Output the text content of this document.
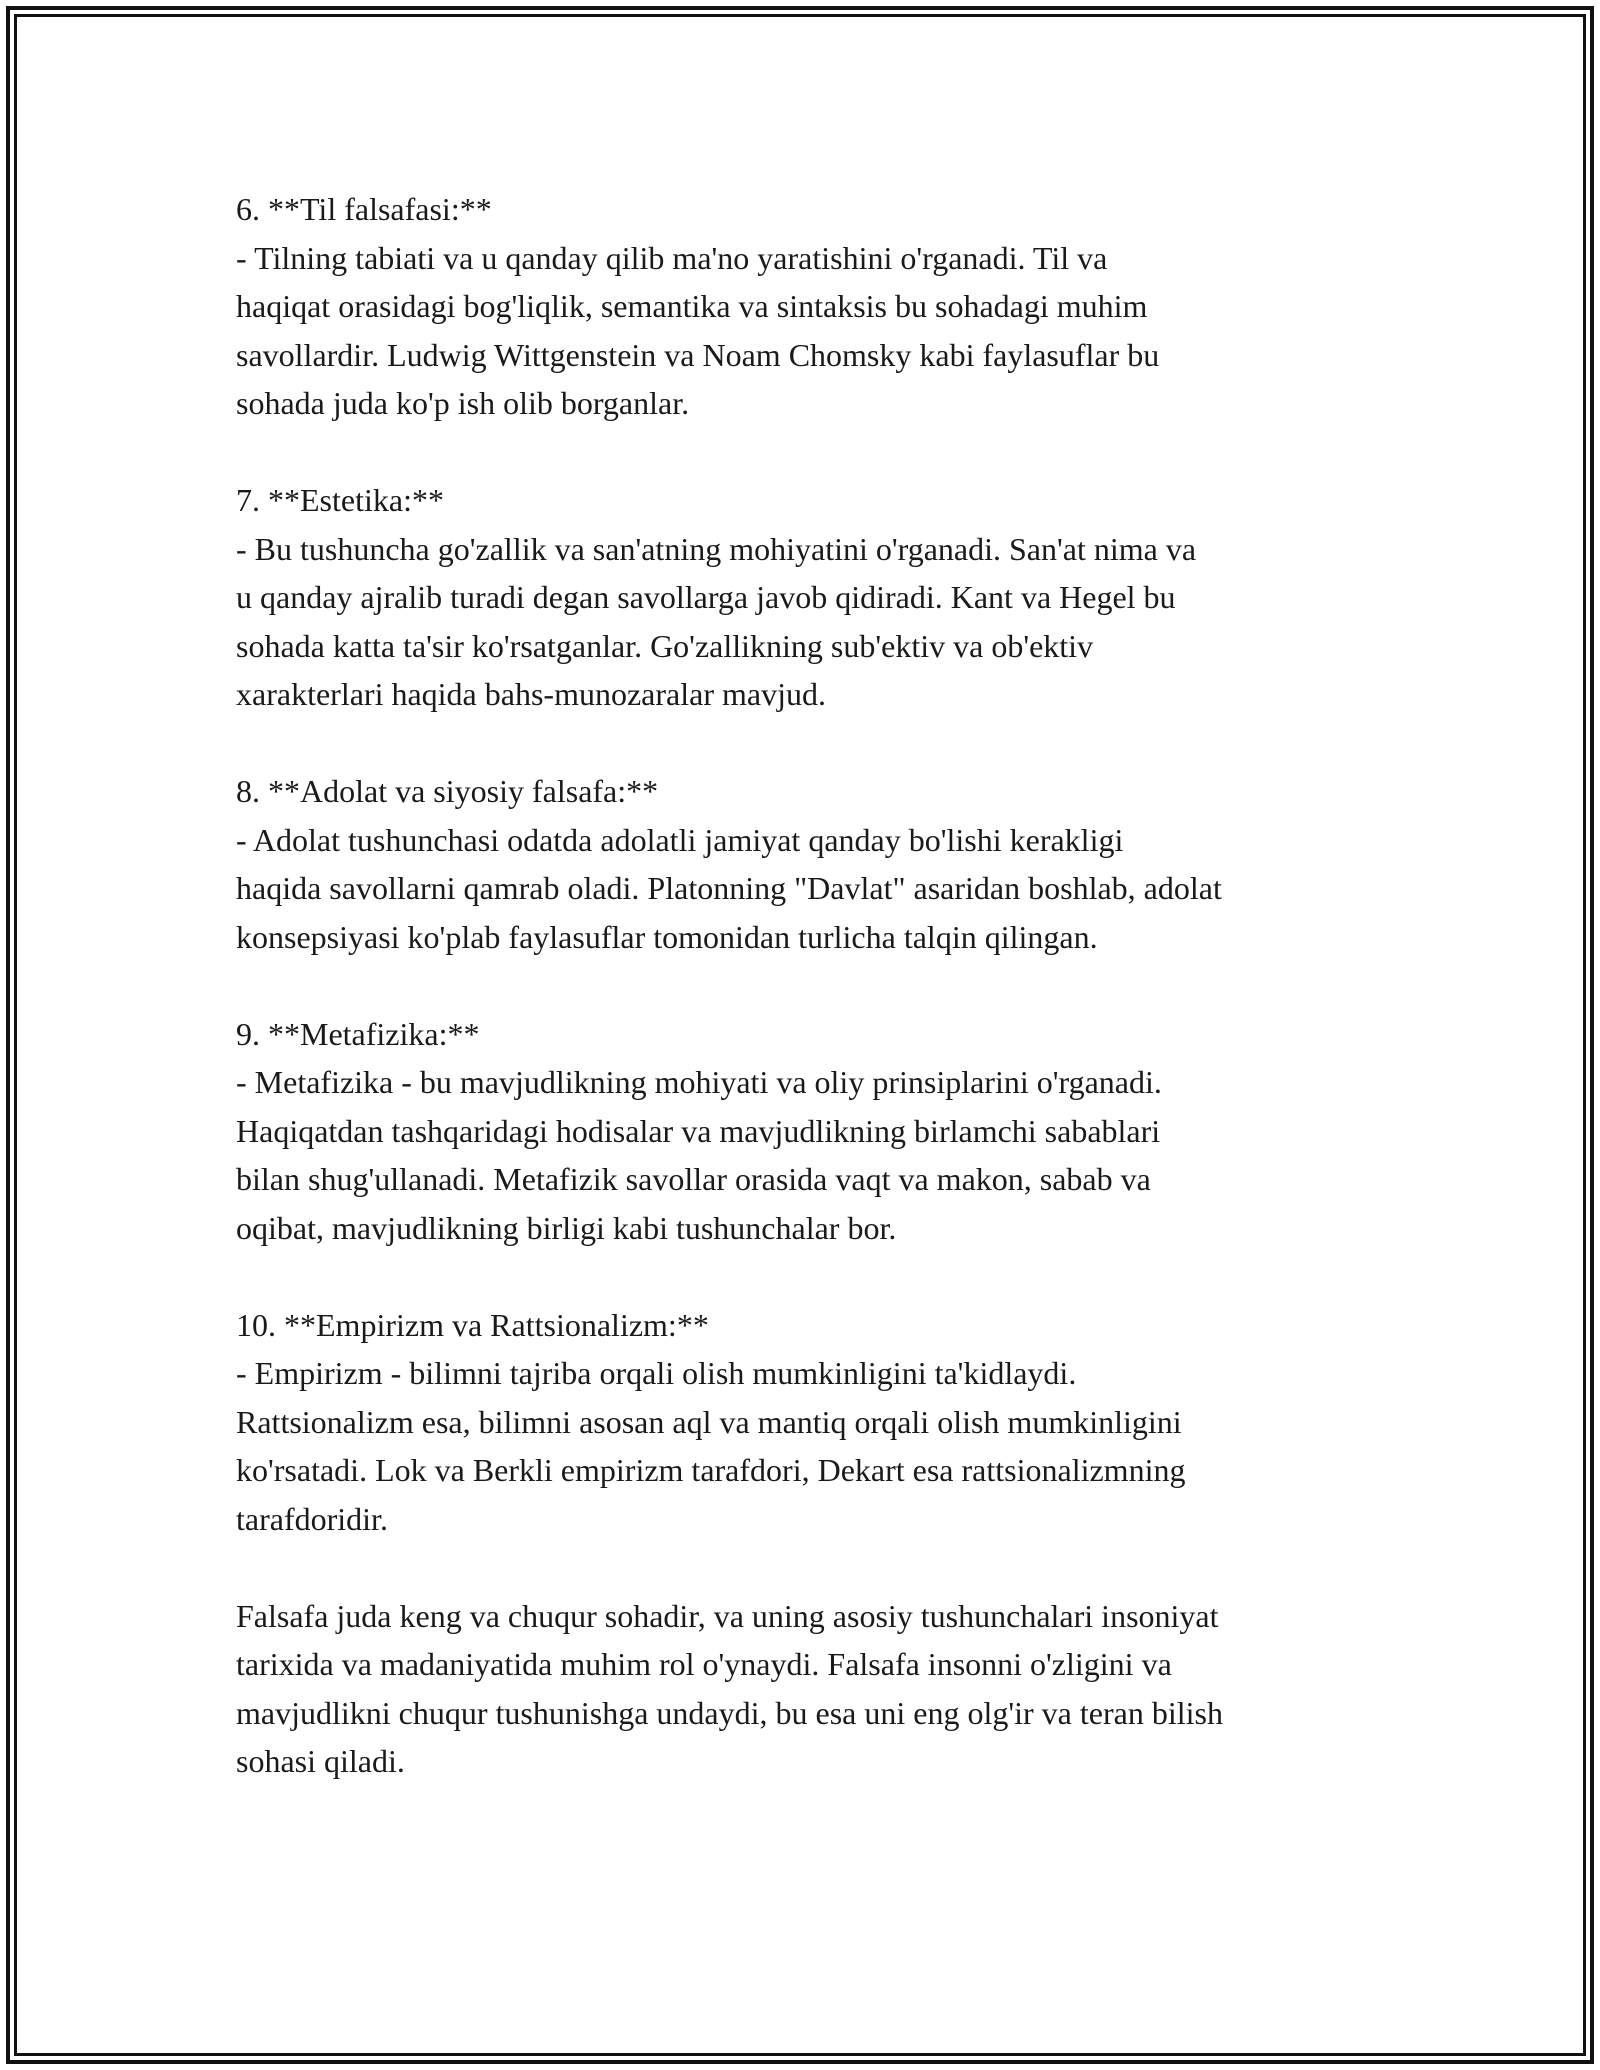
6. **Til falsafasi:**
- Tilning tabiati va u qanday qilib ma'no yaratishini o'rganadi. Til va
haqiqat orasidagi bog'liqlik, semantika va sintaksis bu sohadagi muhim
savollardir. Ludwig Wittgenstein va Noam Chomsky kabi faylasuflar bu
sohada juda ko'p ish olib borganlar.
7. **Estetika:**
- Bu tushuncha go'zallik va san'atning mohiyatini o'rganadi. San'at nima va
u qanday ajralib turadi degan savollarga javob qidiradi. Kant va Hegel bu
sohada katta ta'sir ko'rsatganlar. Go'zallikning sub'ektiv va ob'ektiv
xarakterlari haqida bahs-munozaralar mavjud.
8. **Adolat va siyosiy falsafa:**
- Adolat tushunchasi odatda adolatli jamiyat qanday bo'lishi kerakligi
haqida savollarni qamrab oladi. Platonning "Davlat" asaridan boshlab, adolat
konsepsiyasi ko'plab faylasuflar tomonidan turlicha talqin qilingan.
9. **Metafizika:**
- Metafizika - bu mavjudlikning mohiyati va oliy prinsiplarini o'rganadi.
Haqiqatdan tashqaridagi hodisalar va mavjudlikning birlamchi sabablari
bilan shug'ullanadi. Metafizik savollar orasida vaqt va makon, sabab va
oqibat, mavjudlikning birligi kabi tushunchalar bor.
10. **Empirizm va Rattsionalizm:**
- Empirizm - bilimni tajriba orqali olish mumkinligini ta'kidlaydi.
Rattsionalizm esa, bilimni asosan aql va mantiq orqali olish mumkinligini
ko'rsatadi. Lok va Berkli empirizm tarafdori, Dekart esa rattsionalizmning
tarafdoridir.
Falsafa juda keng va chuqur sohadir, va uning asosiy tushunchalari insoniyat
tarixida va madaniyatida muhim rol o'ynaydi. Falsafa insonni o'zligini va
mavjudlikni chuqur tushunishga undaydi, bu esa uni eng olg'ir va teran bilish
sohasi qiladi.
